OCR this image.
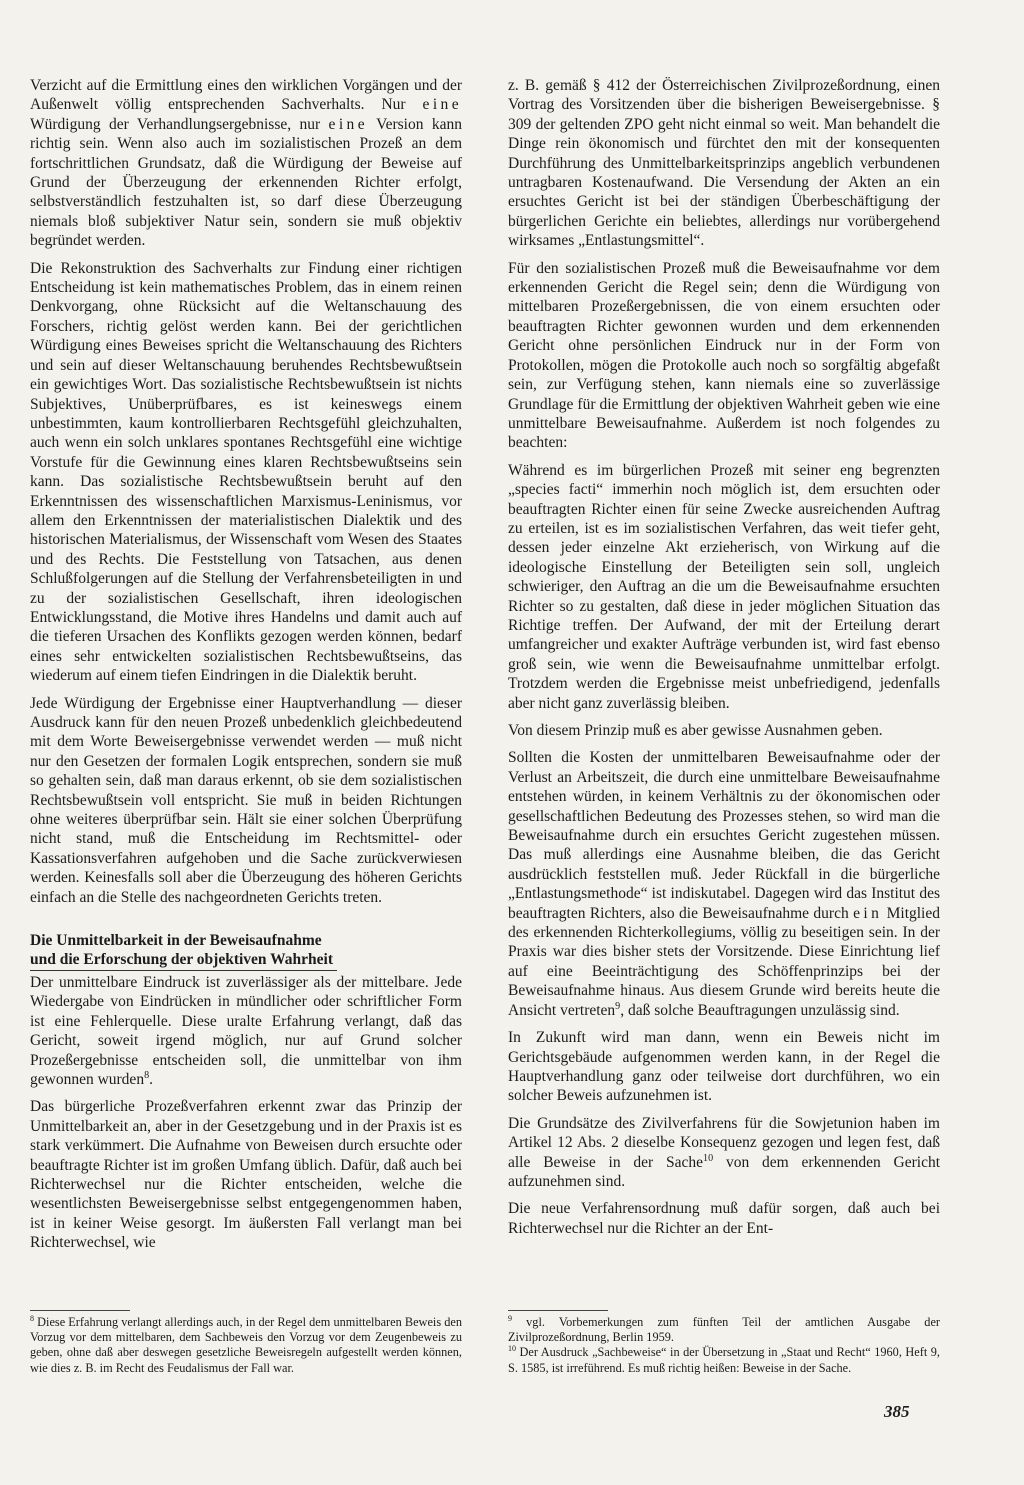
Verzicht auf die Ermittlung eines den wirklichen Vorgängen und der Außenwelt völlig entsprechenden Sachverhalts. Nur eine Würdigung der Verhandlungsergebnisse, nur eine Version kann richtig sein. Wenn also auch im sozialistischen Prozeß an dem fortschrittlichen Grundsatz, daß die Würdigung der Beweise auf Grund der Überzeugung der erkennenden Richter erfolgt, selbstverständlich festzuhalten ist, so darf diese Überzeugung niemals bloß subjektiver Natur sein, sondern sie muß objektiv begründet werden.

Die Rekonstruktion des Sachverhalts zur Findung einer richtigen Entscheidung ist kein mathematisches Problem, das in einem reinen Denkvorgang, ohne Rücksicht auf die Weltanschauung des Forschers, richtig gelöst werden kann. Bei der gerichtlichen Würdigung eines Beweises spricht die Weltanschauung des Richters und sein auf dieser Weltanschauung beruhendes Rechtsbewußtsein ein gewichtiges Wort. Das sozialistische Rechtsbewußtsein ist nichts Subjektives, Unüberprüfbares, es ist keineswegs einem unbestimmten, kaum kontrollierbaren Rechtsgefühl gleichzuhalten, auch wenn ein solch unklares spontanes Rechtsgefühl eine wichtige Vorstufe für die Gewinnung eines klaren Rechtsbewußtseins sein kann. Das sozialistische Rechtsbewußtsein beruht auf den Erkenntnissen des wissenschaftlichen Marxismus-Leninismus, vor allem den Erkenntnissen der materialistischen Dialektik und des historischen Materialismus, der Wissenschaft vom Wesen des Staates und des Rechts. Die Feststellung von Tatsachen, aus denen Schlußfolgerungen auf die Stellung der Verfahrensbeteiligten in und zu der sozialistischen Gesellschaft, ihren ideologischen Entwicklungsstand, die Motive ihres Handelns und damit auch auf die tieferen Ursachen des Konflikts gezogen werden können, bedarf eines sehr entwickelten sozialistischen Rechtsbewußtseins, das wiederum auf einem tiefen Eindringen in die Dialektik beruht.

Jede Würdigung der Ergebnisse einer Hauptverhandlung — dieser Ausdruck kann für den neuen Prozeß unbedenklich gleichbedeutend mit dem Worte Beweisergebnisse verwendet werden — muß nicht nur den Gesetzen der formalen Logik entsprechen, sondern sie muß so gehalten sein, daß man daraus erkennt, ob sie dem sozialistischen Rechtsbewußtsein voll entspricht. Sie muß in beiden Richtungen ohne weiteres überprüfbar sein. Hält sie einer solchen Überprüfung nicht stand, muß die Entscheidung im Rechtsmittel- oder Kassationsverfahren aufgehoben und die Sache zurückverwiesen werden. Keinesfalls soll aber die Überzeugung des höheren Gerichts einfach an die Stelle des nachgeordneten Gerichts treten.

Die Unmittelbarkeit in der Beweisaufnahme
und die Erforschung der objektiven Wahrheit

Der unmittelbare Eindruck ist zuverlässiger als der mittelbare. Jede Wiedergabe von Eindrücken in mündlicher oder schriftlicher Form ist eine Fehlerquelle. Diese uralte Erfahrung verlangt, daß das Gericht, soweit irgend möglich, nur auf Grund solcher Prozeßergebnisse entscheiden soll, die unmittelbar von ihm gewonnen wurden$^8$.

Das bürgerliche Prozeßverfahren erkennt zwar das Prinzip der Unmittelbarkeit an, aber in der Gesetzgebung und in der Praxis ist es stark verkümmert. Die Aufnahme von Beweisen durch ersuchte oder beauftragte Richter ist im großen Umfang üblich. Dafür, daß auch bei Richterwechsel nur die Richter entscheiden, welche die wesentlichsten Beweisergebnisse selbst entgegengenommen haben, ist in keiner Weise gesorgt. Im äußersten Fall verlangt man bei Richterwechsel, wie

z. B. gemäß § 412 der Österreichischen Zivilprozeßordnung, einen Vortrag des Vorsitzenden über die bisherigen Beweisergebnisse. § 309 der geltenden ZPO geht nicht einmal so weit. Man behandelt die Dinge rein ökonomisch und fürchtet den mit der konsequenten Durchführung des Unmittelbarkeitsprinzips angeblich verbundenen untragbaren Kostenaufwand. Die Versendung der Akten an ein ersuchtes Gericht ist bei der ständigen Überbeschäftigung der bürgerlichen Gerichte ein beliebtes, allerdings nur vorübergehend wirksames „Entlastungsmittel“.

Für den sozialistischen Prozeß muß die Beweisaufnahme vor dem erkennenden Gericht die Regel sein; denn die Würdigung von mittelbaren Prozeßergebnissen, die von einem ersuchten oder beauftragten Richter gewonnen wurden und dem erkennenden Gericht ohne persönlichen Eindruck nur in der Form von Protokollen, mögen die Protokolle auch noch so sorgfältig abgefaßt sein, zur Verfügung stehen, kann niemals eine so zuverlässige Grundlage für die Ermittlung der objektiven Wahrheit geben wie eine unmittelbare Beweisaufnahme. Außerdem ist noch folgendes zu beachten:

Während es im bürgerlichen Prozeß mit seiner eng begrenzten „species facti“ immerhin noch möglich ist, dem ersuchten oder beauftragten Richter einen für seine Zwecke ausreichenden Auftrag zu erteilen, ist es im sozialistischen Verfahren, das weit tiefer geht, dessen jeder einzelne Akt erzieherisch, von Wirkung auf die ideologische Einstellung der Beteiligten sein soll, ungleich schwieriger, den Auftrag an die um die Beweisaufnahme ersuchten Richter so zu gestalten, daß diese in jeder möglichen Situation das Richtige treffen. Der Aufwand, der mit der Erteilung derart umfangreicher und exakter Aufträge verbunden ist, wird fast ebenso groß sein, wie wenn die Beweisaufnahme unmittelbar erfolgt. Trotzdem werden die Ergebnisse meist unbefriedigend, jedenfalls aber nicht ganz zuverlässig bleiben.

Von diesem Prinzip muß es aber gewisse Ausnahmen geben.

Sollten die Kosten der unmittelbaren Beweisaufnahme oder der Verlust an Arbeitszeit, die durch eine unmittelbare Beweisaufnahme entstehen würden, in keinem Verhältnis zu der ökonomischen oder gesellschaftlichen Bedeutung des Prozesses stehen, so wird man die Beweisaufnahme durch ein ersuchtes Gericht zugestehen müssen. Das muß allerdings eine Ausnahme bleiben, die das Gericht ausdrücklich feststellen muß. Jeder Rückfall in die bürgerliche „Entlastungsmethode“ ist indiskutabel. Dagegen wird das Institut des beauftragten Richters, also die Beweisaufnahme durch ein Mitglied des erkennenden Richterkollegiums, völlig zu beseitigen sein. In der Praxis war dies bisher stets der Vorsitzende. Diese Einrichtung lief auf eine Beeinträchtigung des Schöffenprinzips bei der Beweisaufnahme hinaus. Aus diesem Grunde wird bereits heute die Ansicht vertreten$^9$, daß solche Beauftragungen unzulässig sind.

In Zukunft wird man dann, wenn ein Beweis nicht im Gerichtsgebäude aufgenommen werden kann, in der Regel die Hauptverhandlung ganz oder teilweise dort durchführen, wo ein solcher Beweis aufzunehmen ist.

Die Grundsätze des Zivilverfahrens für die Sowjetunion haben im Artikel 12 Abs. 2 dieselbe Konsequenz gezogen und legen fest, daß alle Beweise in der Sache$^{10}$ von dem erkennenden Gericht aufzunehmen sind.

Die neue Verfahrensordnung muß dafür sorgen, daß auch bei Richterwechsel nur die Richter an der Ent-

$^8$ Diese Erfahrung verlangt allerdings auch, in der Regel dem unmittelbaren Beweis den Vorzug vor dem mittelbaren, dem Sachbeweis den Vorzug vor dem Zeugenbeweis zu geben, ohne daß aber deswegen gesetzliche Beweisregeln aufgestellt werden können, wie dies z. B. im Recht des Feudalismus der Fall war.

$^9$ vgl. Vorbemerkungen zum fünften Teil der amtlichen Ausgabe der Zivilprozeßordnung, Berlin 1959.

$^{10}$ Der Ausdruck „Sachbeweise“ in der Übersetzung in „Staat und Recht“ 1960, Heft 9, S. 1585, ist irreführend. Es muß richtig heißen: Beweise in der Sache.

385
